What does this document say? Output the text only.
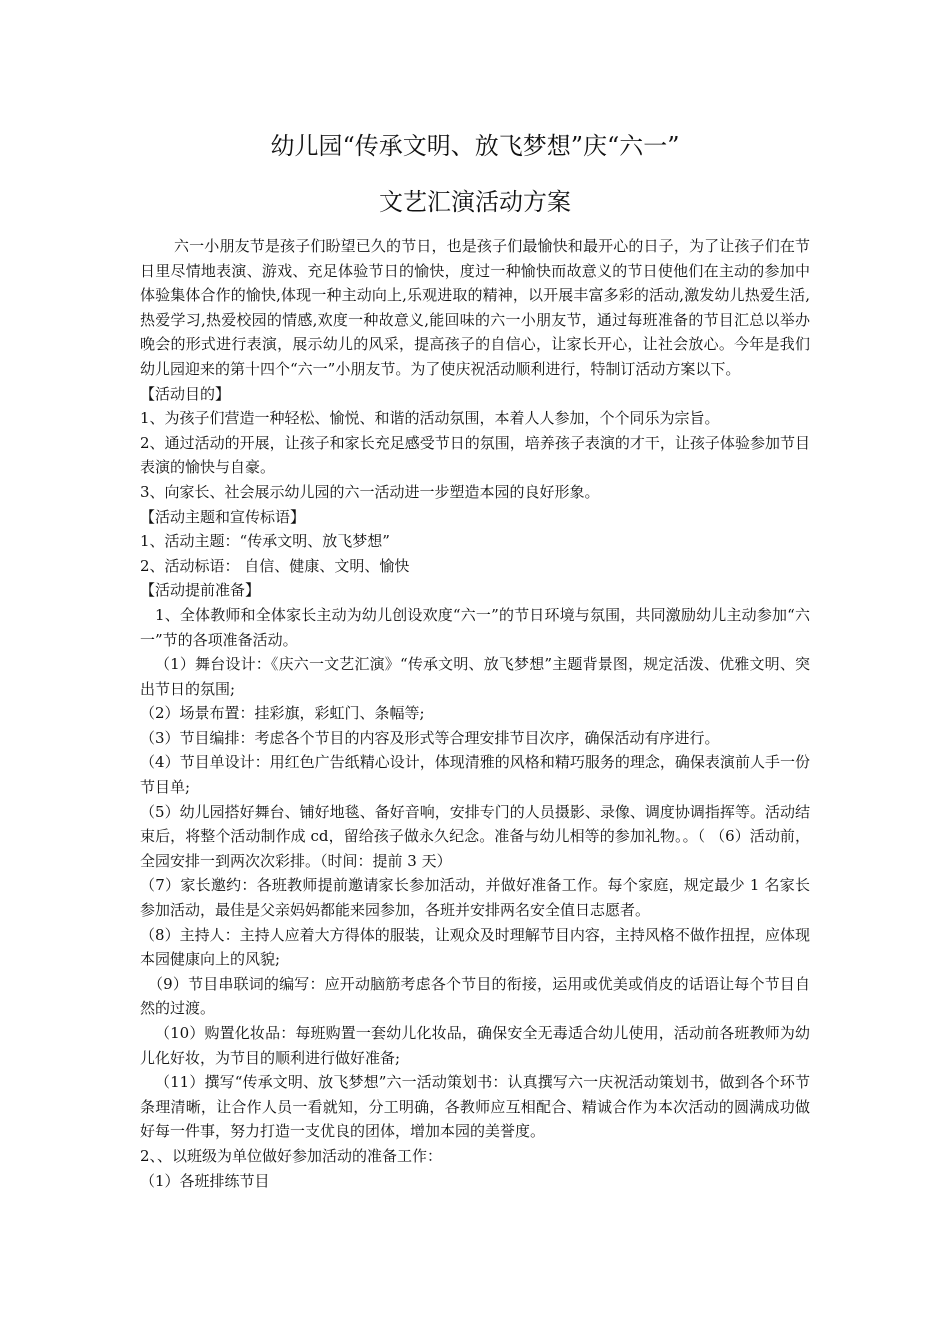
幼儿园“传承文明、放飞梦想”庆“六一”
文艺汇演活动方案

六一小朋友节是孩子们盼望已久的节日，也是孩子们最愉快和最开心的日子，为了让孩子们在节日里尽情地表演、游戏、充足体验节日的愉快，度过一种愉快而故意义的节日使他们在主动的参加中体验集体合作的愉快,体现一种主动向上,乐观进取的精神，以开展丰富多彩的活动,激发幼儿热爱生活,热爱学习,热爱校园的情感,欢度一种故意义,能回味的六一小朋友节，通过每班准备的节目汇总以举办晚会的形式进行表演，展示幼儿的风采，提高孩子的自信心，让家长开心，让社会放心。今年是我们幼儿园迎来的第十四个“六一”小朋友节。为了使庆祝活动顺利进行，特制订活动方案以下。

【活动目的】

1、为孩子们营造一种轻松、愉悦、和谐的活动氛围，本着人人参加，个个同乐为宗旨。

2、通过活动的开展，让孩子和家长充足感受节日的氛围，培养孩子表演的才干，让孩子体验参加节目表演的愉快与自豪。

3、向家长、社会展示幼儿园的六一活动进一步塑造本园的良好形象。

【活动主题和宣传标语】

1、活动主题：“传承文明、放飞梦想”

2、活动标语： 自信、健康、文明、愉快

【活动提前准备】

1、全体教师和全体家长主动为幼儿创设欢度“六一”的节日环境与氛围，共同激励幼儿主动参加“六一”节的各项准备活动。

（1）舞台设计：《庆六一文艺汇演》“传承文明、放飞梦想”主题背景图，规定活泼、优雅文明、突出节日的氛围;

（2）场景布置：挂彩旗，彩虹门、条幅等;

（3）节目编排：考虑各个节目的内容及形式等合理安排节目次序，确保活动有序进行。

（4）节目单设计：用红色广告纸精心设计，体现清雅的风格和精巧服务的理念，确保表演前人手一份节目单;

（5）幼儿园搭好舞台、铺好地毯、备好音响，安排专门的人员摄影、录像、调度协调指挥等。活动结束后，将整个活动制作成 cd，留给孩子做永久纪念。准备与幼儿相等的参加礼物。。（ （6）活动前，全园安排一到两次次彩排。（时间：提前 3 天）

（7）家长邀约：各班教师提前邀请家长参加活动，并做好准备工作。每个家庭，规定最少 1 名家长参加活动，最佳是父亲妈妈都能来园参加，各班并安排两名安全值日志愿者。

（8）主持人：主持人应着大方得体的服装，让观众及时理解节目内容，主持风格不做作扭捏，应体现本园健康向上的风貌;

（9）节目串联词的编写：应开动脑筋考虑各个节目的衔接，运用或优美或俏皮的话语让每个节目自然的过渡。

（10）购置化妆品：每班购置一套幼儿化妆品，确保安全无毒适合幼儿使用，活动前各班教师为幼儿化好妆，为节目的顺利进行做好准备;

（11）撰写“传承文明、放飞梦想”六一活动策划书：认真撰写六一庆祝活动策划书，做到各个环节条理清晰，让合作人员一看就知，分工明确，各教师应互相配合、精诚合作为本次活动的圆满成功做好每一件事，努力打造一支优良的团体，增加本园的美誉度。

2、、以班级为单位做好参加活动的准备工作：

（1）各班排练节目
